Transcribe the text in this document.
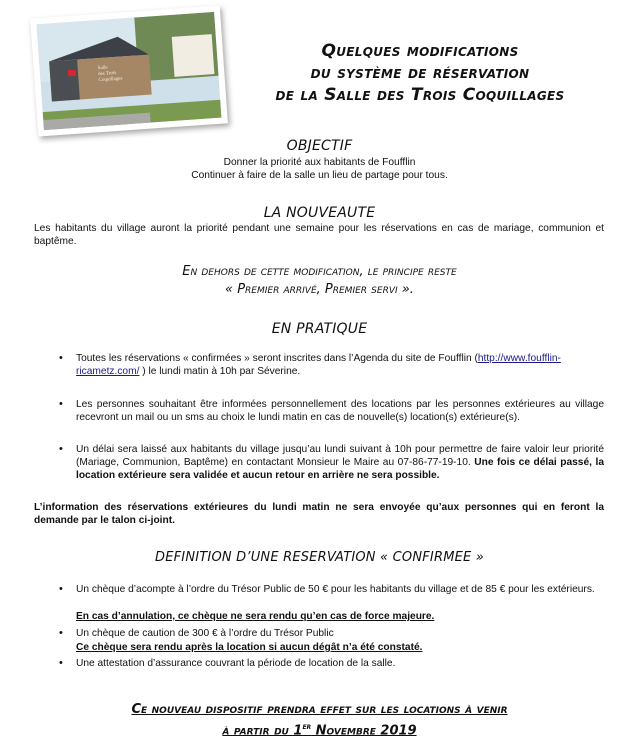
Salle
des Trois
Coquillages
Quelques modifications
du système de réservation
de la Salle des Trois Coquillages
OBJECTIF
Donner la priorité aux habitants de Foufflin
Continuer à faire de la salle un lieu de partage pour tous.
LA NOUVEAUTE
Les habitants du village auront la priorité pendant une semaine pour les réservations en cas de mariage, communion et baptême.
En dehors de cette modification, le principe reste
« Premier arrivé, Premier servi ».
EN PRATIQUE
•	Toutes les réservations « confirmées » seront inscrites dans l’Agenda du site de Foufflin (http://www.foufflin-
ricametz.com/ ) le lundi matin à 10h par Séverine.
•	Les personnes souhaitant être informées personnellement des locations par les personnes extérieures au village recevront un mail ou un sms au choix le lundi matin en cas de nouvelle(s) location(s) extérieure(s).
•	Un délai sera laissé aux habitants du village jusqu’au lundi suivant à 10h pour permettre de faire valoir leur priorité (Mariage, Communion, Baptême) en contactant Monsieur le Maire au 07-86-77-19-10. Une fois ce délai passé, la location extérieure sera validée et aucun retour en arrière ne sera possible.
L’information des réservations extérieures du lundi matin ne sera envoyée qu’aux personnes qui en feront la demande par le talon ci-joint.
DEFINITION D’UNE RESERVATION « CONFIRMEE »
•	Un chèque d’acompte à l’ordre du Trésor Public de 50 € pour les habitants du village et de 85 € pour les extérieurs.
En cas d’annulation, ce chèque ne sera rendu qu’en cas de force majeure.
•	Un chèque de caution de 300 € à l’ordre du Trésor Public
Ce chèque sera rendu après la location si aucun dégât n’a été constaté.
•	Une attestation d’assurance couvrant la période de location de la salle.
Ce nouveau dispositif prendra effet sur les locations à venir
à partir du 1er Novembre 2019
